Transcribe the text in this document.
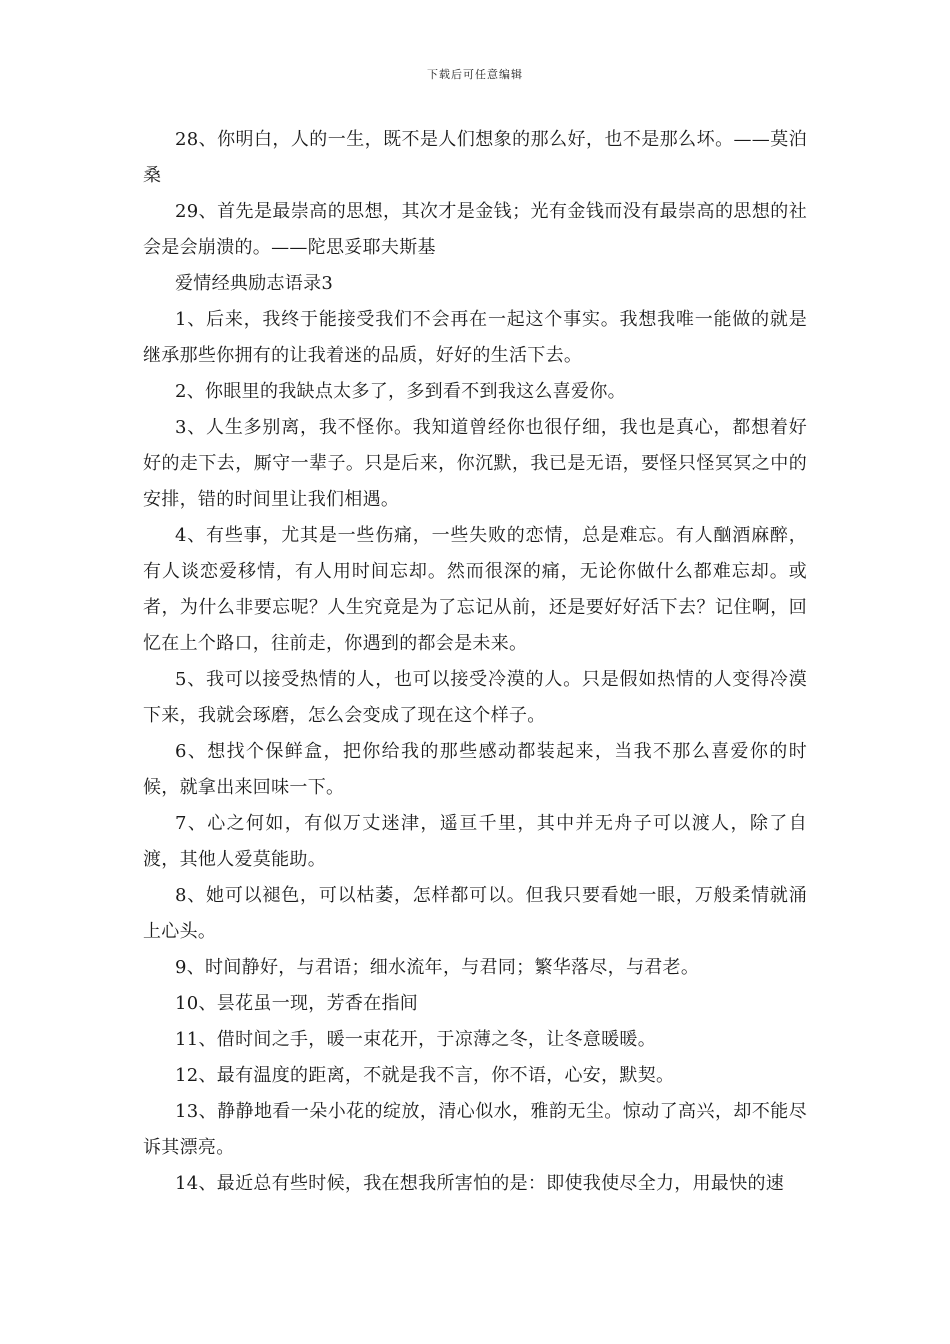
下载后可任意编辑

28、你明白，人的一生，既不是人们想象的那么好，也不是那么坏。——莫泊桑

29、首先是最崇高的思想，其次才是金钱；光有金钱而没有最崇高的思想的社会是会崩溃的。——陀思妥耶夫斯基

爱情经典励志语录3

1、后来，我终于能接受我们不会再在一起这个事实。我想我唯一能做的就是继承那些你拥有的让我着迷的品质，好好的生活下去。

2、你眼里的我缺点太多了，多到看不到我这么喜爱你。

3、人生多别离，我不怪你。我知道曾经你也很仔细，我也是真心，都想着好好的走下去，厮守一辈子。只是后来，你沉默，我已是无语，要怪只怪冥冥之中的安排，错的时间里让我们相遇。

4、有些事，尤其是一些伤痛，一些失败的恋情，总是难忘。有人酗酒麻醉，有人谈恋爱移情，有人用时间忘却。然而很深的痛，无论你做什么都难忘却。或者，为什么非要忘呢？人生究竟是为了忘记从前，还是要好好活下去？记住啊，回忆在上个路口，往前走，你遇到的都会是未来。

5、我可以接受热情的人，也可以接受冷漠的人。只是假如热情的人变得冷漠下来，我就会琢磨，怎么会变成了现在这个样子。

6、想找个保鲜盒，把你给我的那些感动都装起来，当我不那么喜爱你的时候，就拿出来回味一下。

7、心之何如，有似万丈迷津，遥亘千里，其中并无舟子可以渡人，除了自渡，其他人爱莫能助。

8、她可以褪色，可以枯萎，怎样都可以。但我只要看她一眼，万般柔情就涌上心头。

9、时间静好，与君语；细水流年，与君同；繁华落尽，与君老。

10、昙花虽一现，芳香在指间

11、借时间之手，暖一束花开，于凉薄之冬，让冬意暖暖。

12、最有温度的距离，不就是我不言，你不语，心安，默契。

13、静静地看一朵小花的绽放，清心似水，雅韵无尘。惊动了高兴，却不能尽诉其漂亮。

14、最近总有些时候，我在想我所害怕的是：即使我使尽全力，用最快的速
